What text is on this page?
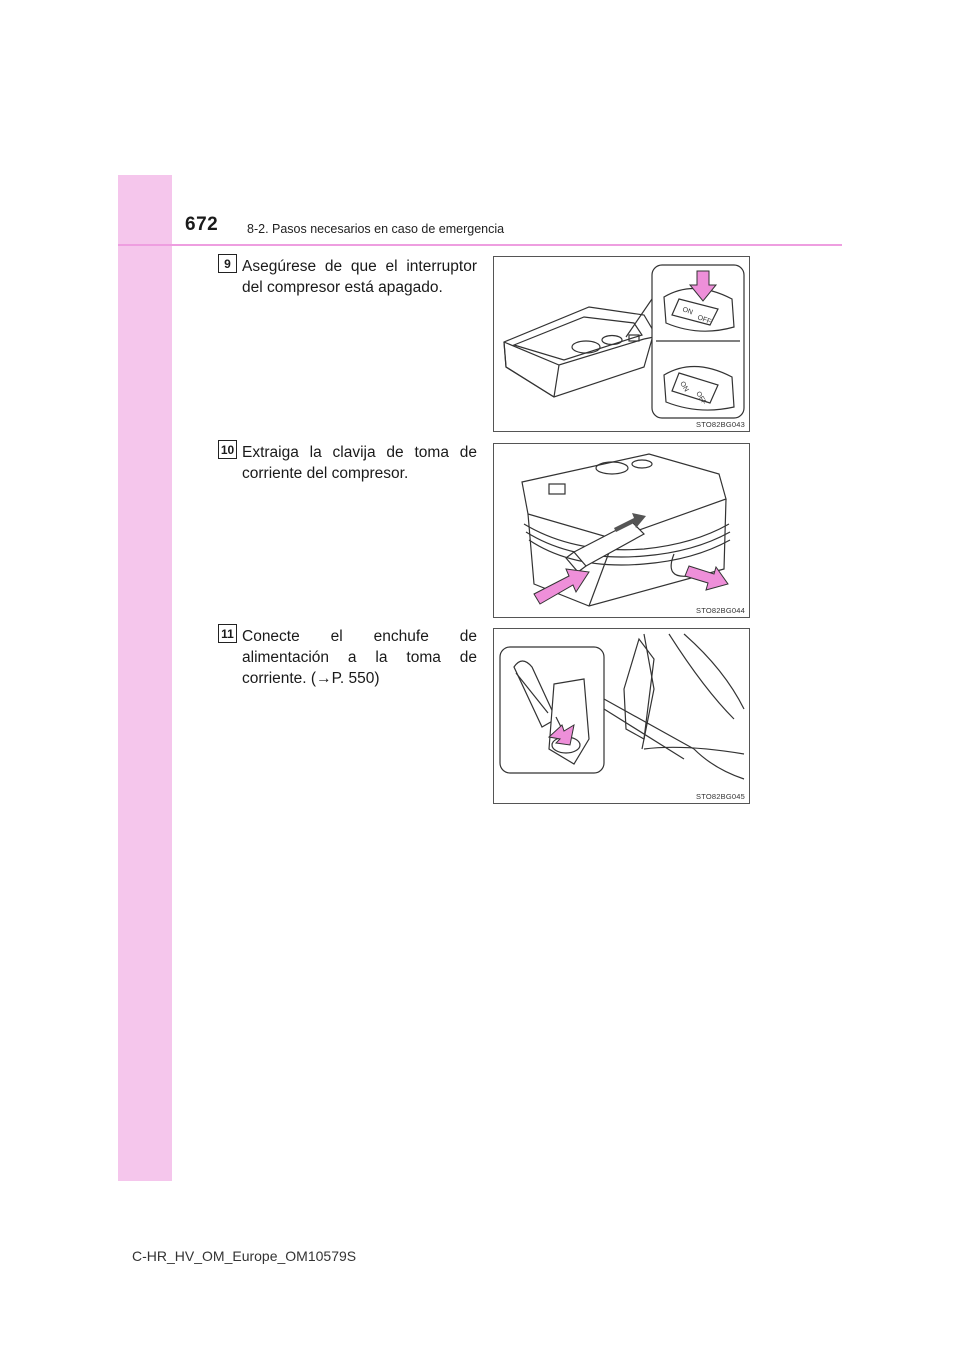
672 8-2. Pasos necesarios en caso de emergencia
9 Asegúrese de que el interruptor del compresor está apagado.
ON
OFF
ON
OFF
STO82BG043
10 Extraiga la clavija de toma de corriente del compresor.
STO82BG044
11 Conecte el enchufe de alimentación a la toma de corriente. (→P. 550)
STO82BG045
C-HR_HV_OM_Europe_OM10579S
